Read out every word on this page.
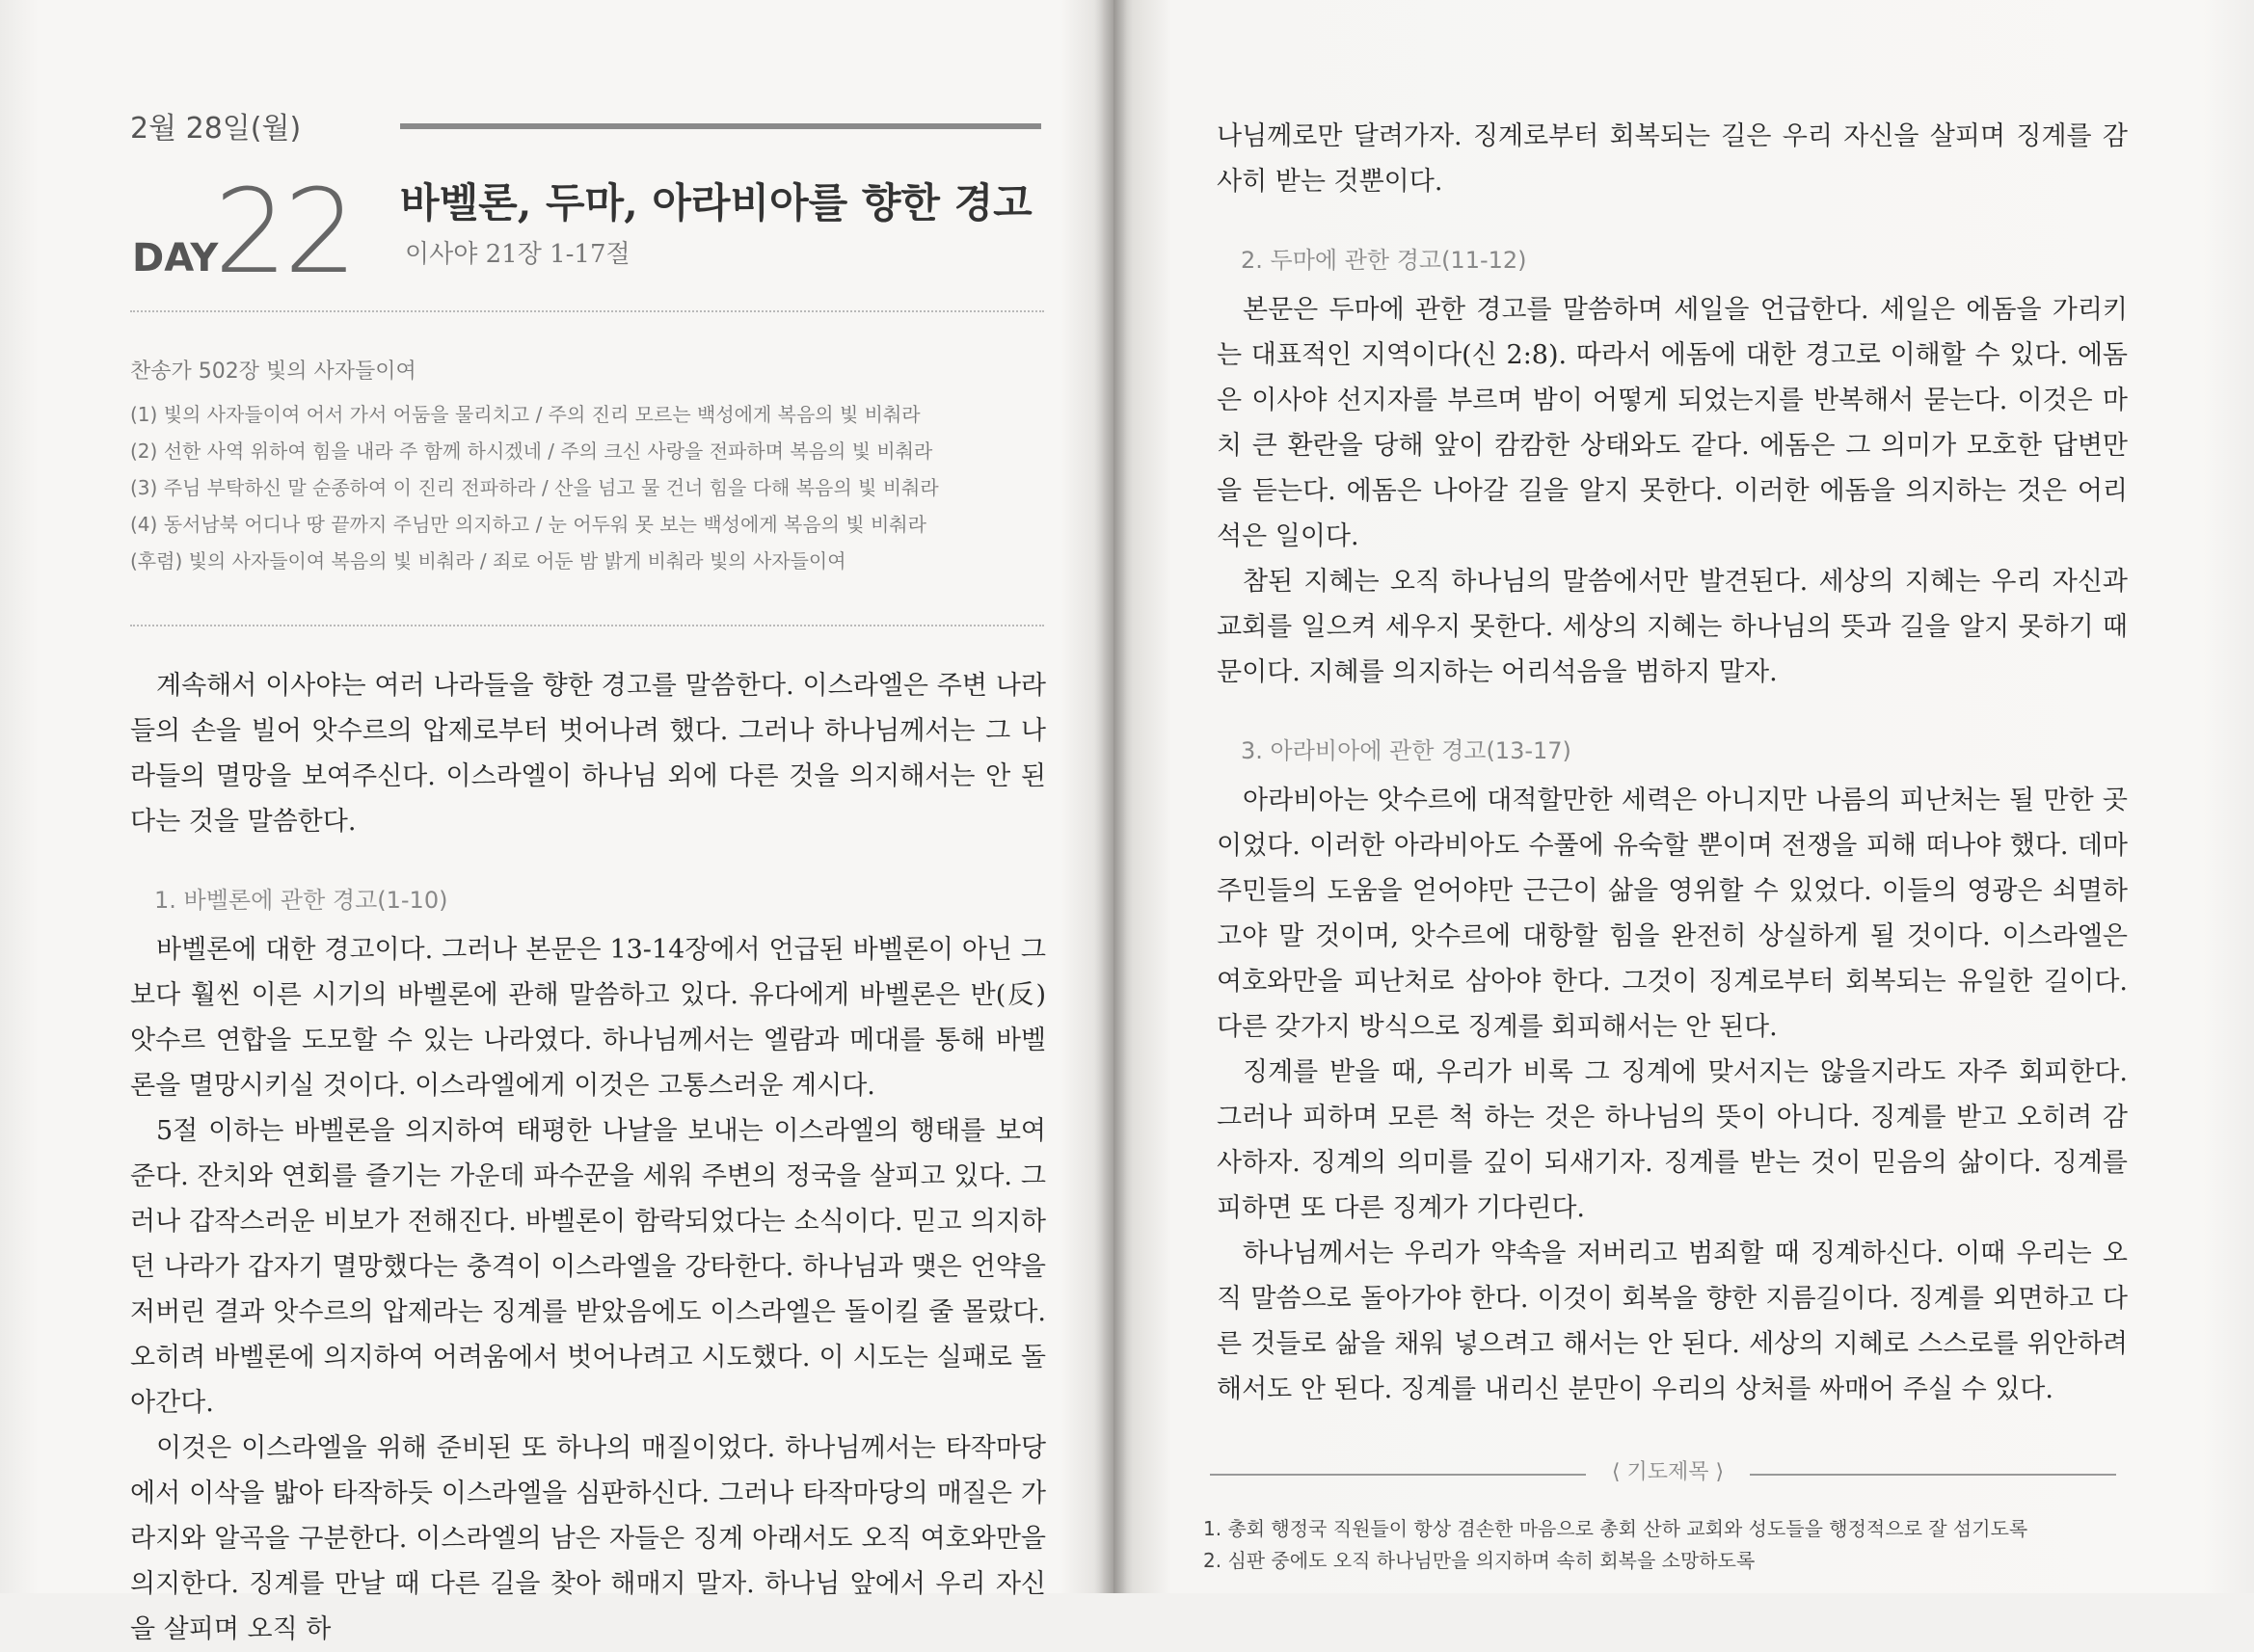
2월 28일(월)
DAY
22 바벨론, 두마, 아라비아를 향한 경고
이사야 21장 1-17절
찬송가 502장 빛의 사자들이여
(1) 빛의 사자들이여 어서 가서 어둠을 물리치고 / 주의 진리 모르는 백성에게 복음의 빛 비춰라
(2) 선한 사역 위하여 힘을 내라 주 함께 하시겠네 / 주의 크신 사랑을 전파하며 복음의 빛 비춰라
(3) 주님 부탁하신 말 순종하여 이 진리 전파하라 / 산을 넘고 물 건너 힘을 다해 복음의 빛 비춰라
(4) 동서남북 어디나 땅 끝까지 주님만 의지하고 / 눈 어두워 못 보는 백성에게 복음의 빛 비춰라
(후렴) 빛의 사자들이여 복음의 빛 비춰라 / 죄로 어둔 밤 밝게 비춰라 빛의 사자들이여

계속해서 이사야는 여러 나라들을 향한 경고를 말씀한다. 이스라엘은 주변 나라들의 손을 빌어 앗수르의 압제로부터 벗어나려 했다. 그러나 하나님께서는 그 나라들의 멸망을 보여주신다. 이스라엘이 하나님 외에 다른 것을 의지해서는 안 된다는 것을 말씀한다.

1. 바벨론에 관한 경고(1-10)

바벨론에 대한 경고이다. 그러나 본문은 13-14장에서 언급된 바벨론이 아닌 그보다 훨씬 이른 시기의 바벨론에 관해 말씀하고 있다. 유다에게 바벨론은 반(反) 앗수르 연합을 도모할 수 있는 나라였다. 하나님께서는 엘람과 메대를 통해 바벨론을 멸망시키실 것이다. 이스라엘에게 이것은 고통스러운 계시다.

5절 이하는 바벨론을 의지하여 태평한 나날을 보내는 이스라엘의 행태를 보여준다. 잔치와 연회를 즐기는 가운데 파수꾼을 세워 주변의 정국을 살피고 있다. 그러나 갑작스러운 비보가 전해진다. 바벨론이 함락되었다는 소식이다. 믿고 의지하던 나라가 갑자기 멸망했다는 충격이 이스라엘을 강타한다. 하나님과 맺은 언약을 저버린 결과 앗수르의 압제라는 징계를 받았음에도 이스라엘은 돌이킬 줄 몰랐다. 오히려 바벨론에 의지하여 어려움에서 벗어나려고 시도했다. 이 시도는 실패로 돌아간다.

이것은 이스라엘을 위해 준비된 또 하나의 매질이었다. 하나님께서는 타작마당에서 이삭을 밟아 타작하듯 이스라엘을 심판하신다. 그러나 타작마당의 매질은 가라지와 알곡을 구분한다. 이스라엘의 남은 자들은 징계 아래서도 오직 여호와만을 의지한다. 징계를 만날 때 다른 길을 찾아 해매지 말자. 하나님 앞에서 우리 자신을 살피며 오직 하

나님께로만 달려가자. 징계로부터 회복되는 길은 우리 자신을 살피며 징계를 감사히 받는 것뿐이다.

2. 두마에 관한 경고(11-12)

본문은 두마에 관한 경고를 말씀하며 세일을 언급한다. 세일은 에돔을 가리키는 대표적인 지역이다(신 2:8). 따라서 에돔에 대한 경고로 이해할 수 있다. 에돔은 이사야 선지자를 부르며 밤이 어떻게 되었는지를 반복해서 묻는다. 이것은 마치 큰 환란을 당해 앞이 캄캄한 상태와도 같다. 에돔은 그 의미가 모호한 답변만을 듣는다. 에돔은 나아갈 길을 알지 못한다. 이러한 에돔을 의지하는 것은 어리석은 일이다.

참된 지혜는 오직 하나님의 말씀에서만 발견된다. 세상의 지혜는 우리 자신과 교회를 일으켜 세우지 못한다. 세상의 지혜는 하나님의 뜻과 길을 알지 못하기 때문이다. 지혜를 의지하는 어리석음을 범하지 말자.

3. 아라비아에 관한 경고(13-17)

아라비아는 앗수르에 대적할만한 세력은 아니지만 나름의 피난처는 될 만한 곳이었다. 이러한 아라비아도 수풀에 유숙할 뿐이며 전쟁을 피해 떠나야 했다. 데마 주민들의 도움을 얻어야만 근근이 삶을 영위할 수 있었다. 이들의 영광은 쇠멸하고야 말 것이며, 앗수르에 대항할 힘을 완전히 상실하게 될 것이다. 이스라엘은 여호와만을 피난처로 삼아야 한다. 그것이 징계로부터 회복되는 유일한 길이다. 다른 갖가지 방식으로 징계를 회피해서는 안 된다.

징계를 받을 때, 우리가 비록 그 징계에 맞서지는 않을지라도 자주 회피한다. 그러나 피하며 모른 척 하는 것은 하나님의 뜻이 아니다. 징계를 받고 오히려 감사하자. 징계의 의미를 깊이 되새기자. 징계를 받는 것이 믿음의 삶이다. 징계를 피하면 또 다른 징계가 기다린다.

하나님께서는 우리가 약속을 저버리고 범죄할 때 징계하신다. 이때 우리는 오직 말씀으로 돌아가야 한다. 이것이 회복을 향한 지름길이다. 징계를 외면하고 다른 것들로 삶을 채워 넣으려고 해서는 안 된다. 세상의 지혜로 스스로를 위안하려 해서도 안 된다. 징계를 내리신 분만이 우리의 상처를 싸매어 주실 수 있다.

⟨ 기도제목 ⟩
1. 총회 행정국 직원들이 항상 겸손한 마음으로 총회 산하 교회와 성도들을 행정적으로 잘 섬기도록
2. 심판 중에도 오직 하나님만을 의지하며 속히 회복을 소망하도록
